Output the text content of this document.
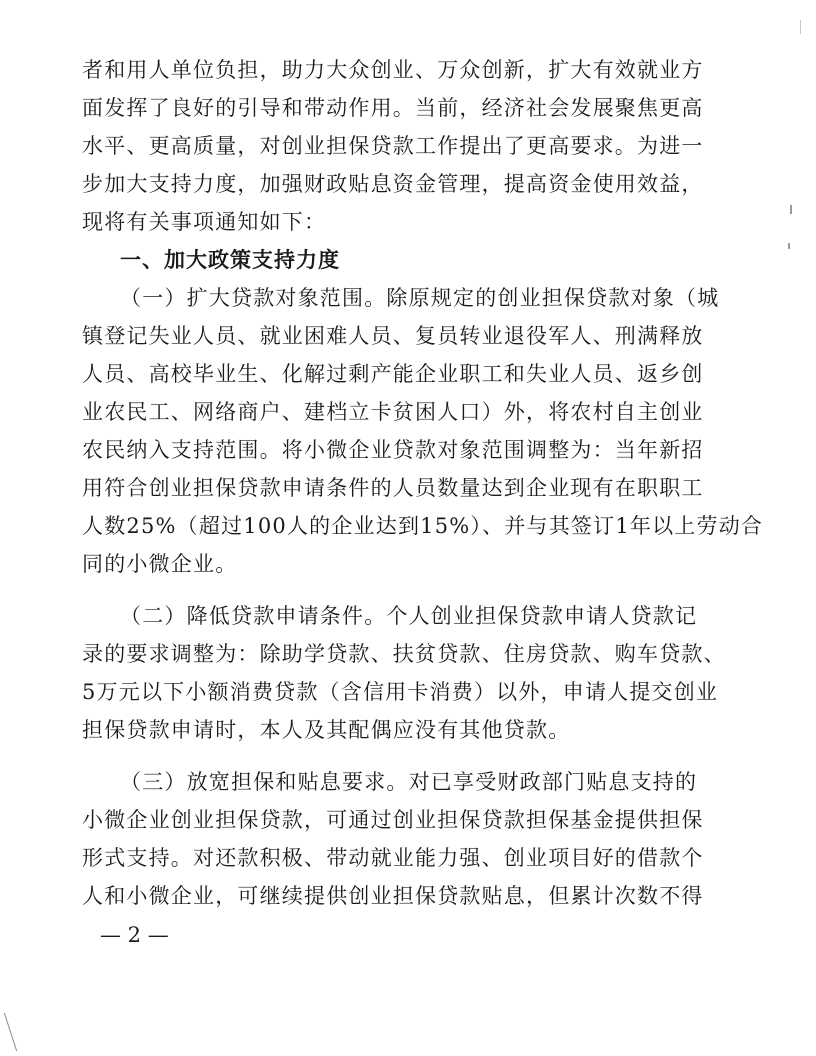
者和用人单位负担，助力大众创业、万众创新，扩大有效就业方
面发挥了良好的引导和带动作用。当前，经济社会发展聚焦更高
水平、更高质量，对创业担保贷款工作提出了更高要求。为进一
步加大支持力度，加强财政贴息资金管理，提高资金使用效益，
现将有关事项通知如下：
一、加大政策支持力度
（一）扩大贷款对象范围。除原规定的创业担保贷款对象（城
镇登记失业人员、就业困难人员、复员转业退役军人、刑满释放
人员、高校毕业生、化解过剩产能企业职工和失业人员、返乡创
业农民工、网络商户、建档立卡贫困人口）外，将农村自主创业
农民纳入支持范围。将小微企业贷款对象范围调整为：当年新招
用符合创业担保贷款申请条件的人员数量达到企业现有在职职工
人数25%（超过100人的企业达到15%）、并与其签订1年以上劳动合
同的小微企业。
（二）降低贷款申请条件。个人创业担保贷款申请人贷款记
录的要求调整为：除助学贷款、扶贫贷款、住房贷款、购车贷款、
5万元以下小额消费贷款（含信用卡消费）以外，申请人提交创业
担保贷款申请时，本人及其配偶应没有其他贷款。
（三）放宽担保和贴息要求。对已享受财政部门贴息支持的
小微企业创业担保贷款，可通过创业担保贷款担保基金提供担保
形式支持。对还款积极、带动就业能力强、创业项目好的借款个
人和小微企业，可继续提供创业担保贷款贴息，但累计次数不得
— 2 —
